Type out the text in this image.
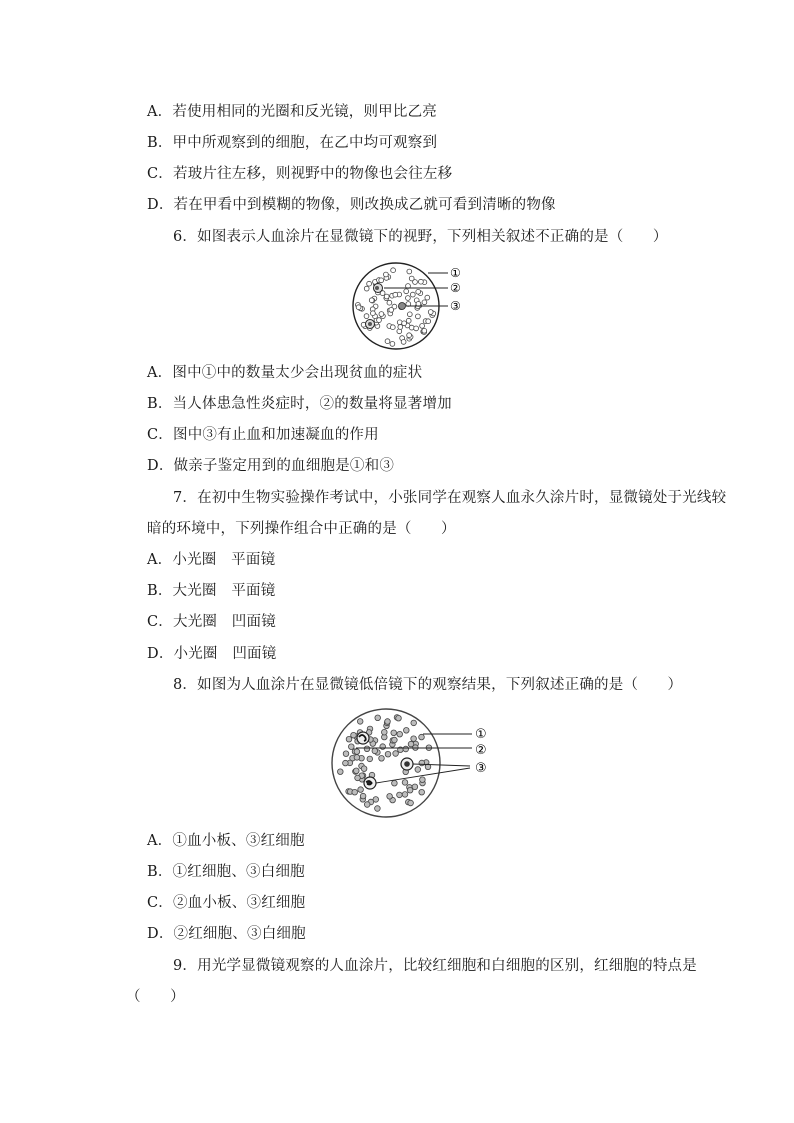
A．若使用相同的光圈和反光镜，则甲比乙亮
B．甲中所观察到的细胞，在乙中均可观察到
C．若玻片往左移，则视野中的物像也会往左移
D．若在甲看中到模糊的物像，则改换成乙就可看到清晰的物像
6．如图表示人血涂片在显微镜下的视野，下列相关叙述不正确的是（　　）
①
②
③
A．图中①中的数量太少会出现贫血的症状
B．当人体患急性炎症时，②的数量将显著增加
C．图中③有止血和加速凝血的作用
D．做亲子鉴定用到的血细胞是①和③
7．在初中生物实验操作考试中，小张同学在观察人血永久涂片时，显微镜处于光线较
暗的环境中，下列操作组合中正确的是（　　）
A．小光圈　平面镜
B．大光圈　平面镜
C．大光圈　凹面镜
D．小光圈　凹面镜
8．如图为人血涂片在显微镜低倍镜下的观察结果，下列叙述正确的是（　　）
①
②
③
A．①血小板、③红细胞
B．①红细胞、③白细胞
C．②血小板、③红细胞
D．②红细胞、③白细胞
9．用光学显微镜观察的人血涂片，比较红细胞和白细胞的区别，红细胞的特点是
（　　）
